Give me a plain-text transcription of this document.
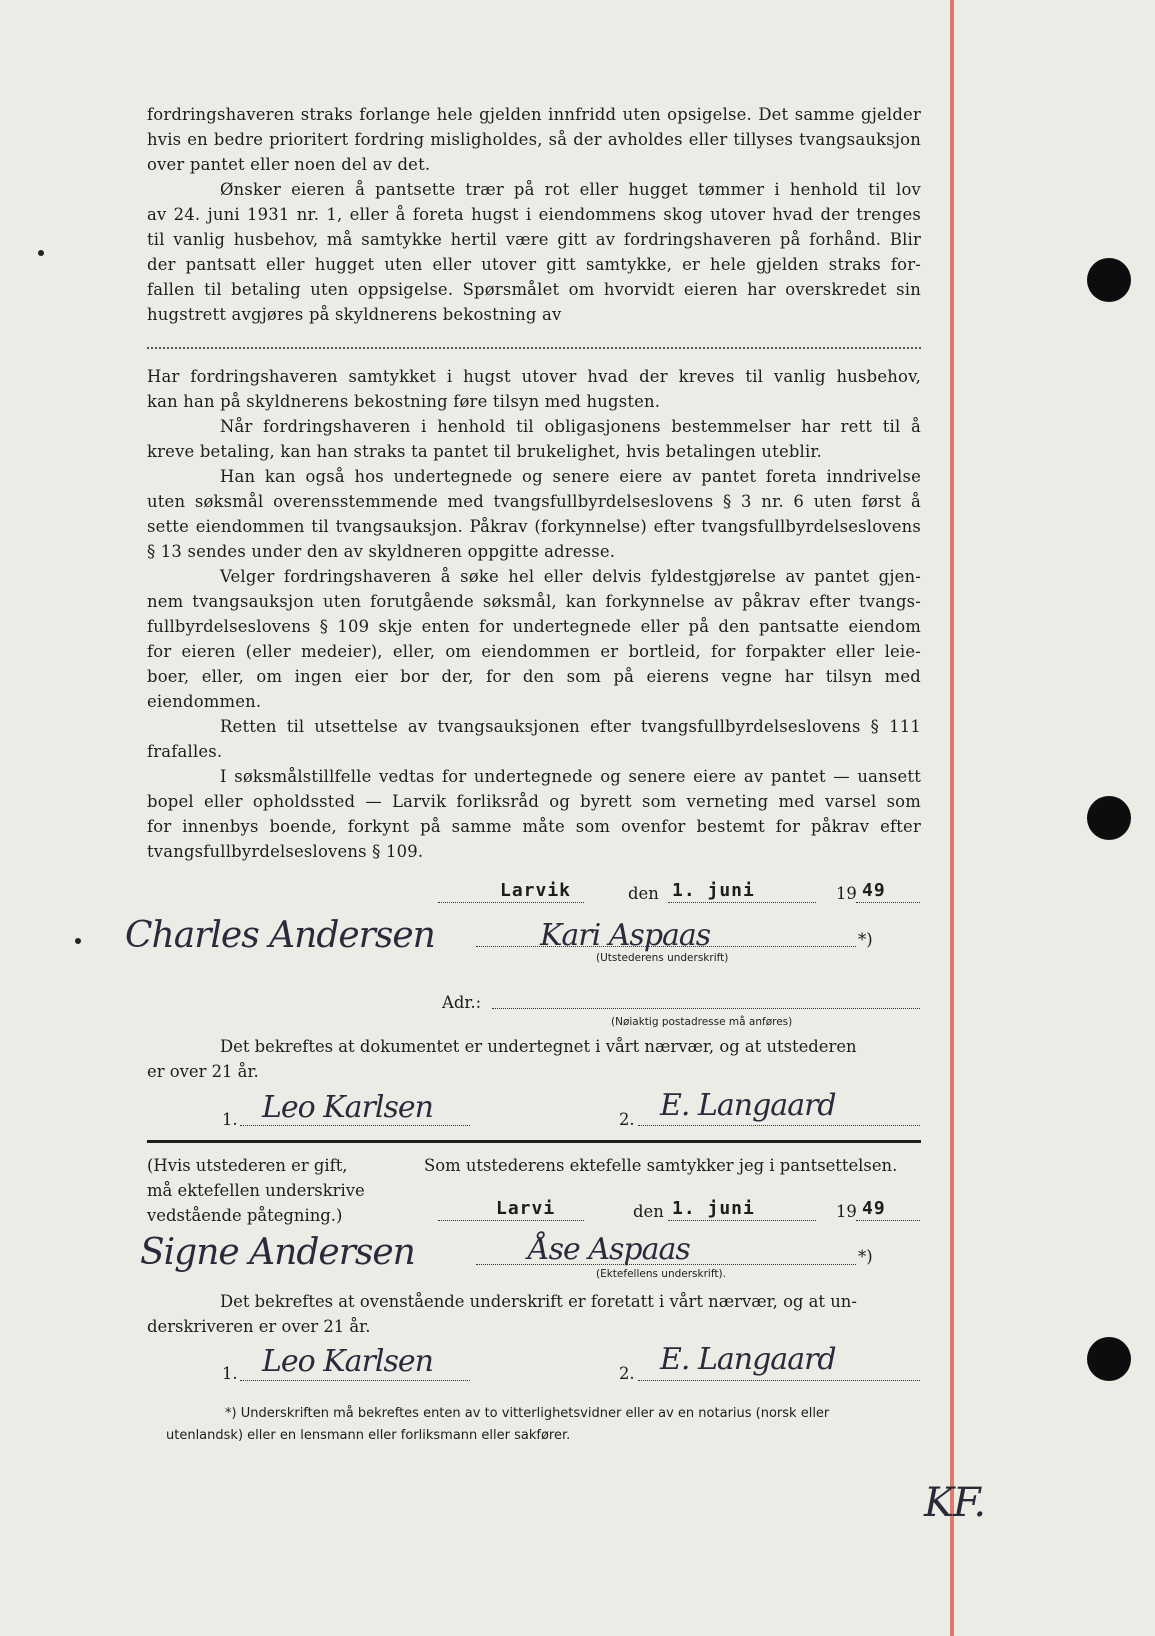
fordringshaveren straks forlange hele gjelden innfridd uten opsigelse. Det samme gjelder
hvis en bedre prioritert fordring misligholdes, så der avholdes eller tillyses tvangsauksjon
over pantet eller noen del av det.
Ønsker eieren å pantsette trær på rot eller hugget tømmer i henhold til lov
av 24. juni 1931 nr. 1, eller å foreta hugst i eiendommens skog utover hvad der trenges
til vanlig husbehov, må samtykke hertil være gitt av fordringshaveren på forhånd. Blir
der pantsatt eller hugget uten eller utover gitt samtykke, er hele gjelden straks for-
fallen til betaling uten oppsigelse. Spørsmålet om hvorvidt eieren har overskredet sin
hugstrett avgjøres på skyldnerens bekostning av
Har fordringshaveren samtykket i hugst utover hvad der kreves til vanlig husbehov,
kan han på skyldnerens bekostning føre tilsyn med hugsten.
Når fordringshaveren i henhold til obligasjonens bestemmelser har rett til å
kreve betaling, kan han straks ta pantet til brukelighet, hvis betalingen uteblir.
Han kan også hos undertegnede og senere eiere av pantet foreta inndrivelse
uten søksmål overensstemmende med tvangsfullbyrdelseslovens § 3 nr. 6 uten først å
sette eiendommen til tvangsauksjon. Påkrav (forkynnelse) efter tvangsfullbyrdelseslovens
§ 13 sendes under den av skyldneren oppgitte adresse.
Velger fordringshaveren å søke hel eller delvis fyldestgjørelse av pantet gjen-
nem tvangsauksjon uten forutgående søksmål, kan forkynnelse av påkrav efter tvangs-
fullbyrdelseslovens § 109 skje enten for undertegnede eller på den pantsatte eiendom
for eieren (eller medeier), eller, om eiendommen er bortleid, for forpakter eller leie-
boer, eller, om ingen eier bor der, for den som på eierens vegne har tilsyn med
eiendommen.
Retten til utsettelse av tvangsauksjonen efter tvangsfullbyrdelseslovens § 111
frafalles.
I søksmålstillfelle vedtas for undertegnede og senere eiere av pantet — uansett
bopel eller opholdssted — Larvik forliksråd og byrett som verneting med varsel som
for innenbys boende, forkynt på samme måte som ovenfor bestemt for påkrav efter
tvangsfullbyrdelseslovens § 109.
Larvik	den 1. juni	19 49
Charles Andersen	Kari Aspaas	*)
(Utstederens underskrift)
Adr.:
(Nøiaktig postadresse må anføres)
Det bekreftes at dokumentet er undertegnet i vårt nærvær, og at utstederen
er over 21 år.
1. Leo Karlsen	2. E. Langaard
(Hvis utstederen er gift,
må ektefellen underskrive
vedstående påtegning.)
Som utstederens ektefelle samtykker jeg i pantsettelsen.
Larvi	den 1. juni	19 49
Signe Andersen	Åse Aspaas	*)
(Ektefellens underskrift).
Det bekreftes at ovenstående underskrift er foretatt i vårt nærvær, og at un-
derskriveren er over 21 år.
1. Leo Karlsen	2. E. Langaard
*) Underskriften må bekreftes enten av to vitterlighetsvidner eller av en notarius (norsk eller
utenlandsk) eller en lensmann eller forliksmann eller sakfører.
KF.
